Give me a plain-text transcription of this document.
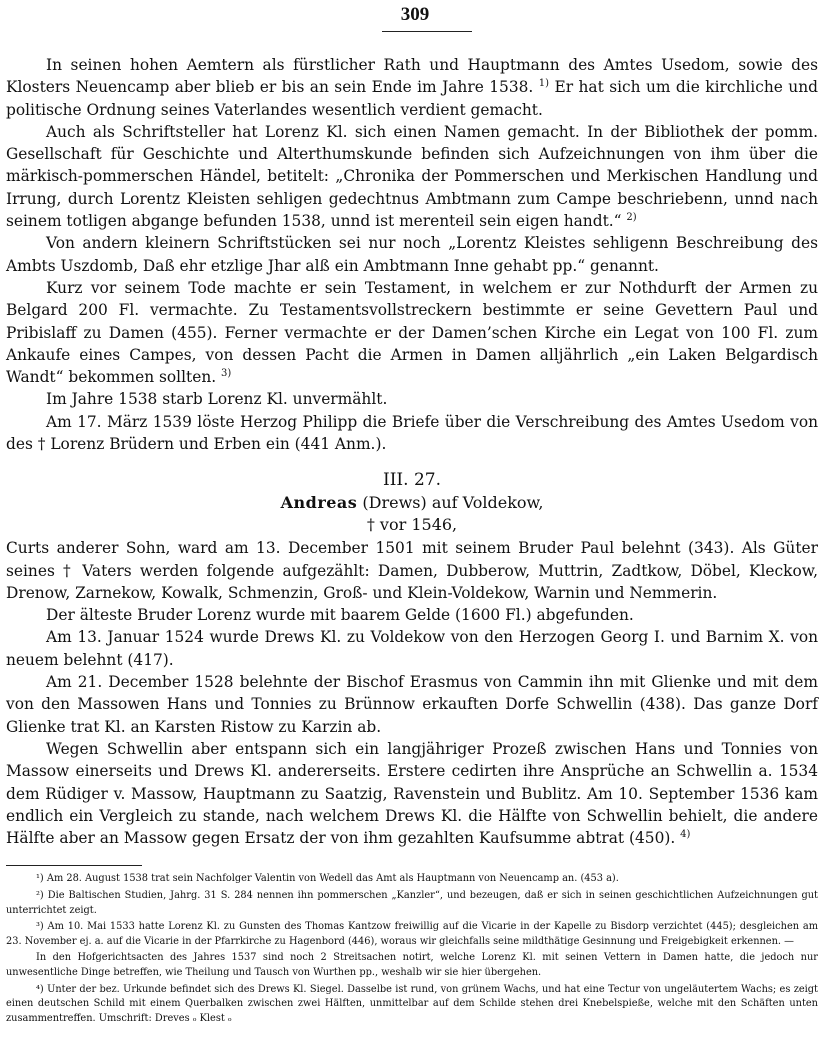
309

In seinen hohen Aemtern als fürstlicher Rath und Hauptmann des Amtes Usedom, sowie des Klosters Neuencamp aber blieb er bis an sein Ende im Jahre 1538. $^{1)}$ Er hat sich um die kirchliche und politische Ordnung seines Vaterlandes wesentlich verdient gemacht.

Auch als Schriftsteller hat Lorenz Kl. sich einen Namen gemacht. In der Bibliothek der pomm. Gesellschaft für Geschichte und Alterthumskunde befinden sich Aufzeichnungen von ihm über die märkisch-pommerschen Händel, betitelt: „Chronika der Pommerschen und Merkischen Handlung und Irrung, durch Lorentz Kleisten sehligen gedechtnus Ambtmann zum Campe beschriebenn, unnd nach seinem totligen abgange befunden 1538, unnd ist merenteil sein eigen handt.“ $^{2)}$

Von andern kleinern Schriftstücken sei nur noch „Lorentz Kleistes sehligenn Beschreibung des Ambts Uszdomb, Daß ehr etzlige Jhar alß ein Ambtmann Inne gehabt pp.“ genannt.

Kurz vor seinem Tode machte er sein Testament, in welchem er zur Nothdurft der Armen zu Belgard 200 Fl. vermachte. Zu Testamentsvollstreckern bestimmte er seine Gevettern Paul und Pribislaff zu Damen (455). Ferner vermachte er der Damen’schen Kirche ein Legat von 100 Fl. zum Ankaufe eines Campes, von dessen Pacht die Armen in Damen alljährlich „ein Laken Belgardisch Wandt“ bekommen sollten. $^{3)}$

Im Jahre 1538 starb Lorenz Kl. unvermählt.

Am 17. März 1539 löste Herzog Philipp die Briefe über die Verschreibung des Amtes Usedom von des † Lorenz Brüdern und Erben ein (441 Anm.).

III. 27.
Andreas (Drews) auf Voldekow,
† vor 1546,

Curts anderer Sohn, ward am 13. December 1501 mit seinem Bruder Paul belehnt (343). Als Güter seines † Vaters werden folgende aufgezählt: Damen, Dubberow, Muttrin, Zadtkow, Döbel, Kleckow, Drenow, Zarnekow, Kowalk, Schmenzin, Groß- und Klein-Voldekow, Warnin und Nemmerin.

Der älteste Bruder Lorenz wurde mit baarem Gelde (1600 Fl.) abgefunden.

Am 13. Januar 1524 wurde Drews Kl. zu Voldekow von den Herzogen Georg I. und Barnim X. von neuem belehnt (417).

Am 21. December 1528 belehnte der Bischof Erasmus von Cammin ihn mit Glienke und mit dem von den Massowen Hans und Tonnies zu Brünnow erkauften Dorfe Schwellin (438). Das ganze Dorf Glienke trat Kl. an Karsten Ristow zu Karzin ab.

Wegen Schwellin aber entspann sich ein langjähriger Prozeß zwischen Hans und Tonnies von Massow einerseits und Drews Kl. andererseits. Erstere cedirten ihre Ansprüche an Schwellin a. 1534 dem Rüdiger v. Massow, Hauptmann zu Saatzig, Ravenstein und Bublitz. Am 10. September 1536 kam endlich ein Vergleich zu stande, nach welchem Drews Kl. die Hälfte von Schwellin behielt, die andere Hälfte aber an Massow gegen Ersatz der von ihm gezahlten Kaufsumme abtrat (450). $^{4)}$

¹) Am 28. August 1538 trat sein Nachfolger Valentin von Wedell das Amt als Hauptmann von Neuencamp an. (453 a).

²) Die Baltischen Studien, Jahrg. 31 S. 284 nennen ihn pommerschen „Kanzler“, und bezeugen, daß er sich in seinen geschichtlichen Aufzeichnungen gut unterrichtet zeigt.

³) Am 10. Mai 1533 hatte Lorenz Kl. zu Gunsten des Thomas Kantzow freiwillig auf die Vicarie in der Kapelle zu Bisdorp verzichtet (445); desgleichen am 23. November ej. a. auf die Vicarie in der Pfarrkirche zu Hagenbord (446), woraus wir gleichfalls seine mildthätige Gesinnung und Freigebigkeit erkennen. —

In den Hofgerichtsacten des Jahres 1537 sind noch 2 Streitsachen notirt, welche Lorenz Kl. mit seinen Vettern in Damen hatte, die jedoch nur unwesentliche Dinge betreffen, wie Theilung und Tausch von Wurthen pp., weshalb wir sie hier übergehen.

⁴) Unter der bez. Urkunde befindet sich des Drews Kl. Siegel. Dasselbe ist rund, von grünem Wachs, und hat eine Tectur von ungeläutertem Wachs; es zeigt einen deutschen Schild mit einem Querbalken zwischen zwei Hälften, unmittelbar auf dem Schilde stehen drei Knebelspieße, welche mit den Schäften unten zusammentreffen. Umschrift: Dreves ₒ Klest ₒ
